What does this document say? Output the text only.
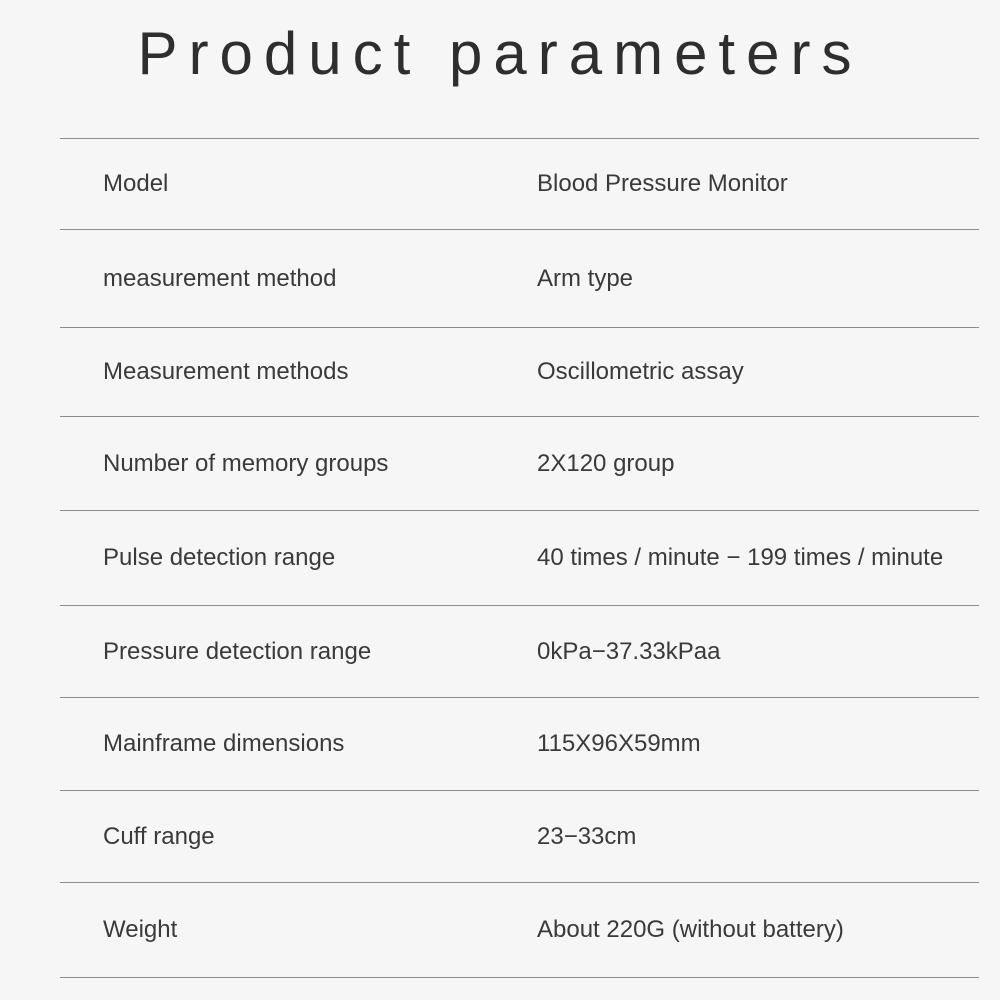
Product parameters
Model	Blood Pressure Monitor
measurement method	Arm type
Measurement methods	Oscillometric assay
Number of memory groups	2X120 group
Pulse detection range	40 times / minute − 199 times / minute
Pressure detection range	0kPa−37.33kPaa
Mainframe dimensions	115X96X59mm
Cuff range	23−33cm
Weight	About 220G (without battery)
